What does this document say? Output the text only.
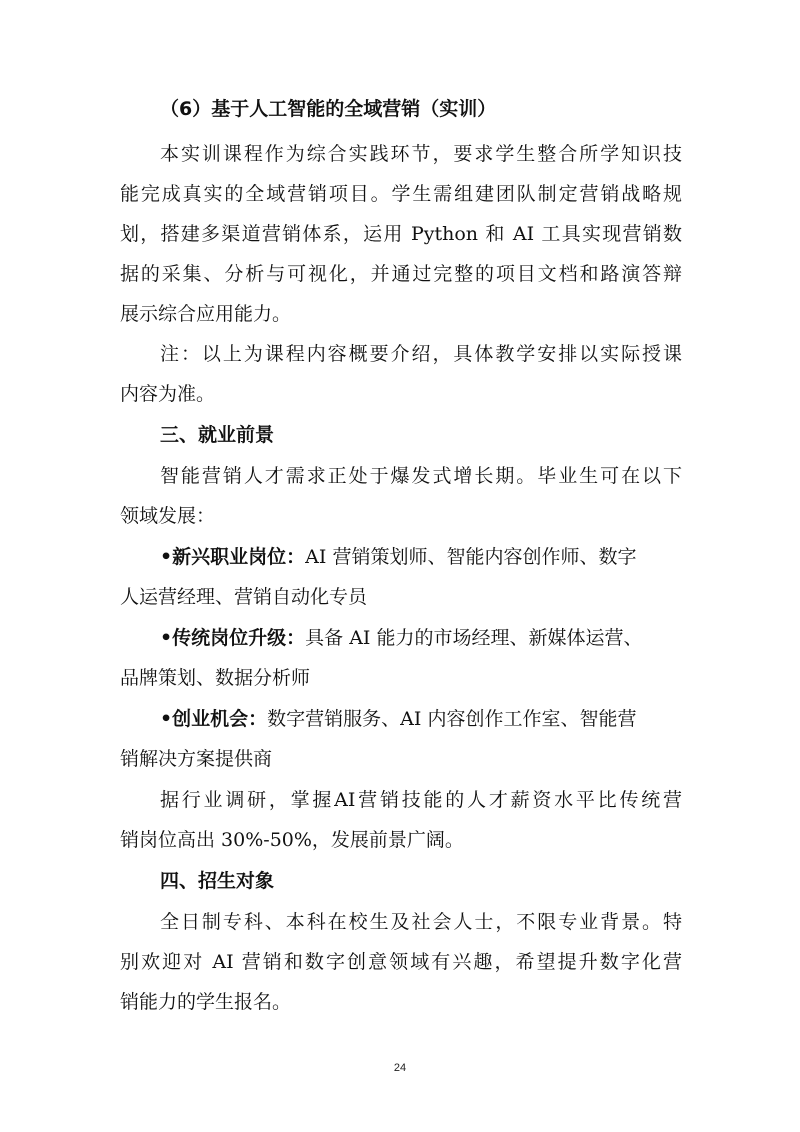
（6）基于人工智能的全域营销（实训）
本实训课程作为综合实践环节，要求学生整合所学知识技
能完成真实的全域营销项目。学生需组建团队制定营销战略规
划，搭建多渠道营销体系，运用 Python 和 AI 工具实现营销数
据的采集、分析与可视化，并通过完整的项目文档和路演答辩
展示综合应用能力。
注：以上为课程内容概要介绍，具体教学安排以实际授课
内容为准。
三、就业前景
智能营销人才需求正处于爆发式增长期。毕业生可在以下
领域发展：
•新兴职业岗位：AI 营销策划师、智能内容创作师、数字
人运营经理、营销自动化专员
•传统岗位升级：具备 AI 能力的市场经理、新媒体运营、
品牌策划、数据分析师
•创业机会：数字营销服务、AI 内容创作工作室、智能营
销解决方案提供商
据行业调研，掌握AI营销技能的人才薪资水平比传统营
销岗位高出 30%-50%，发展前景广阔。
四、招生对象
全日制专科、本科在校生及社会人士，不限专业背景。特
别欢迎对 AI 营销和数字创意领域有兴趣，希望提升数字化营
销能力的学生报名。
24
